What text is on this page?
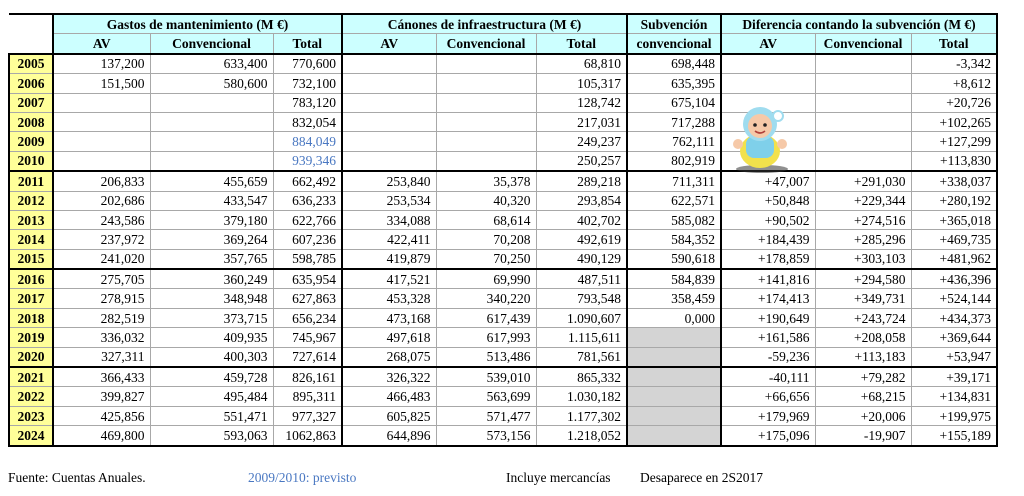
	Gastos de mantenimiento (M €)			Cánones de infraestructura (M €)			Subvención	Diferencia contando la subvención (M €)		
	AV	Convencional	Total	AV	Convencional	Total	convencional	AV	Convencional	Total
2005	137,200	633,400	770,600			68,810	698,448			-3,342
2006	151,500	580,600	732,100			105,317	635,395			+8,612
2007			783,120			128,742	675,104			+20,726
2008			832,054			217,031	717,288			+102,265
2009			884,049			249,237	762,111			+127,299
2010			939,346			250,257	802,919			+113,830
2011	206,833	455,659	662,492	253,840	35,378	289,218	711,311	+47,007	+291,030	+338,037
2012	202,686	433,547	636,233	253,534	40,320	293,854	622,571	+50,848	+229,344	+280,192
2013	243,586	379,180	622,766	334,088	68,614	402,702	585,082	+90,502	+274,516	+365,018
2014	237,972	369,264	607,236	422,411	70,208	492,619	584,352	+184,439	+285,296	+469,735
2015	241,020	357,765	598,785	419,879	70,250	490,129	590,618	+178,859	+303,103	+481,962
2016	275,705	360,249	635,954	417,521	69,990	487,511	584,839	+141,816	+294,580	+436,396
2017	278,915	348,948	627,863	453,328	340,220	793,548	358,459	+174,413	+349,731	+524,144
2018	282,519	373,715	656,234	473,168	617,439	1.090,607	0,000	+190,649	+243,724	+434,373
2019	336,032	409,935	745,967	497,618	617,993	1.115,611		+161,586	+208,058	+369,644
2020	327,311	400,303	727,614	268,075	513,486	781,561		-59,236	+113,183	+53,947
2021	366,433	459,728	826,161	326,322	539,010	865,332		-40,111	+79,282	+39,171
2022	399,827	495,484	895,311	466,483	563,699	1.030,182		+66,656	+68,215	+134,831
2023	425,856	551,471	977,327	605,825	571,477	1.177,302		+179,969	+20,006	+199,975
2024	469,800	593,063	1062,863	644,896	573,156	1.218,052		+175,096	-19,907	+155,189
Fuente: Cuentas Anuales.	2009/2010: previsto	Incluye mercancías Desaparece en 2S2017
